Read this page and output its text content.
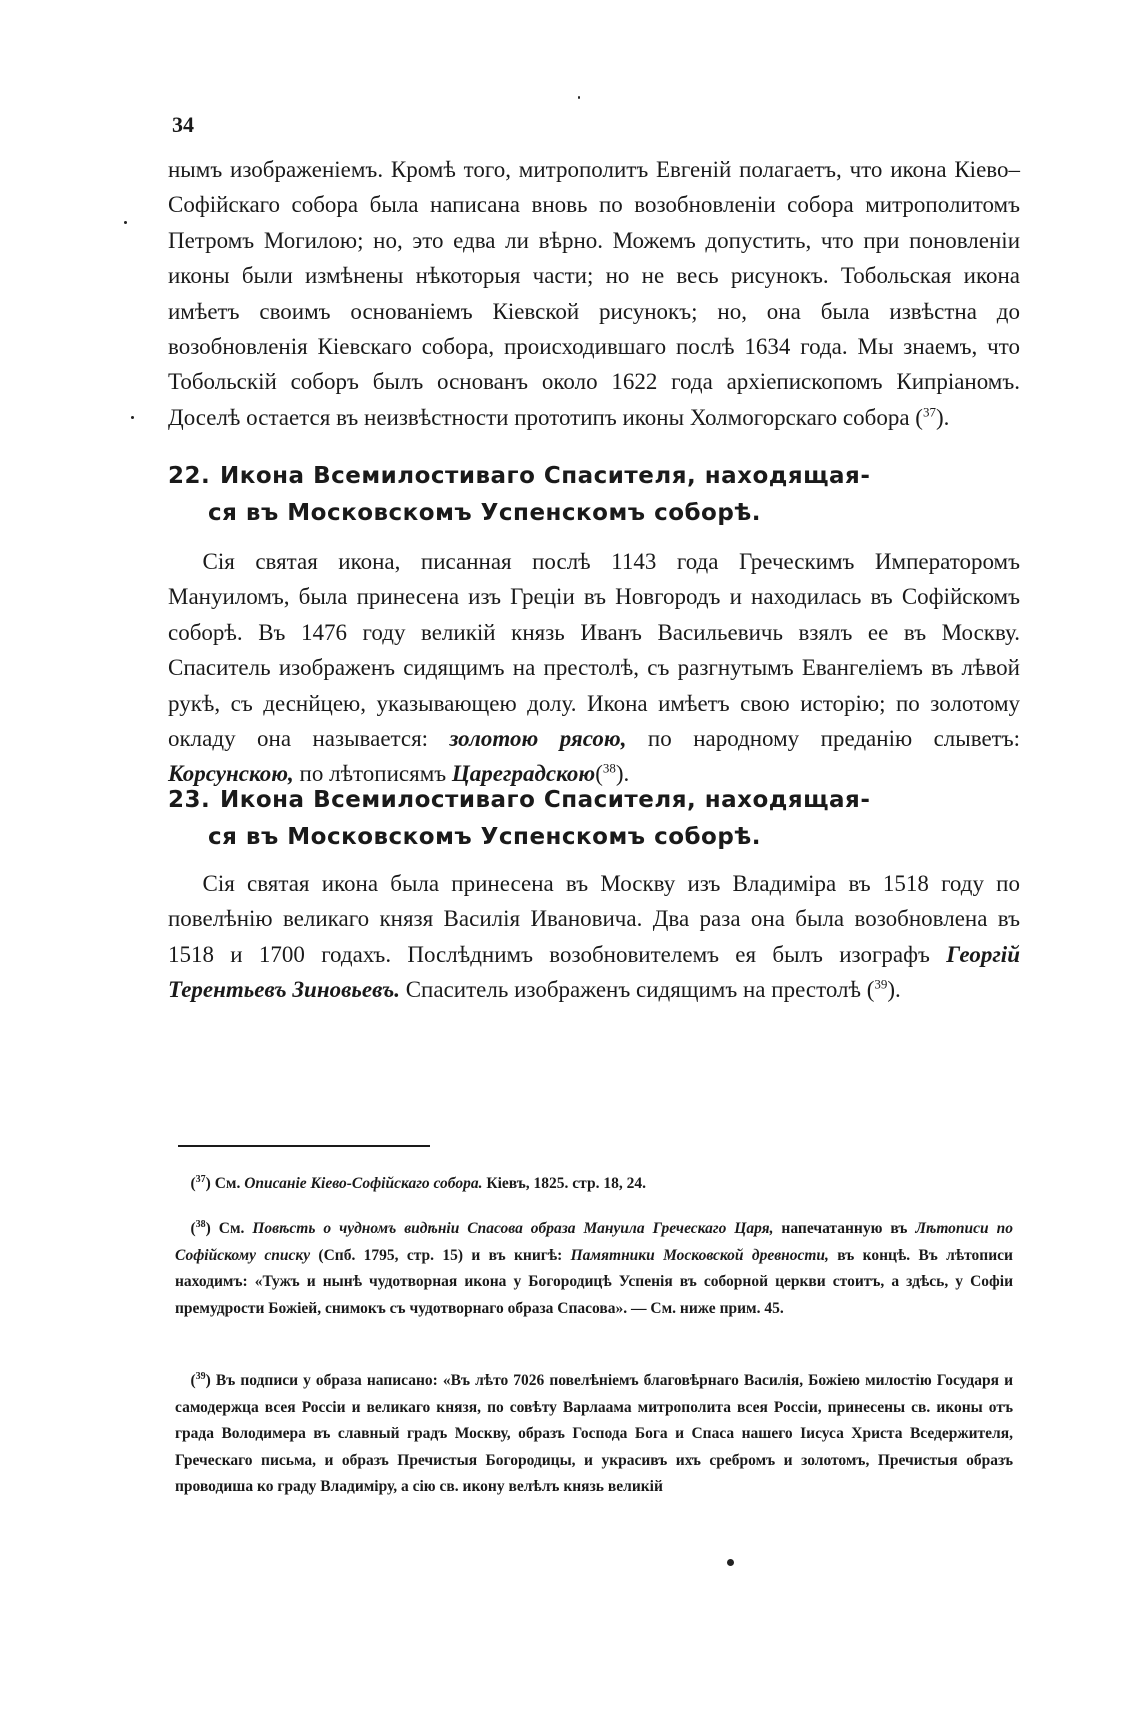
34

нымъ изображеніемъ. Кромѣ того, митрополитъ Евгеній полагаетъ, что икона Кіево–Софійскаго собора была написана вновь по возобновленіи собора митрополитомъ Петромъ Могилою; но, это едва ли вѣрно. Можемъ допустить, что при поновленіи иконы были измѣнены нѣкоторыя части; но не весь рисунокъ. Тобольская икона имѣетъ своимъ основаніемъ Кіевской рисунокъ; но, она была извѣстна до возобновленія Кіевскаго собора, происходившаго послѣ 1634 года. Мы знаемъ, что Тобольскій соборъ былъ основанъ около 1622 года архіепископомъ Кипріаномъ. Доселѣ остается въ неизвѣстности прототипъ иконы Холмогорскаго собора ($^{37}$).

22. Икона Всемилостиваго Спасителя, находящая-
ся въ Московскомъ Успенскомъ соборѣ.

Сія святая икона, писанная послѣ 1143 года Греческимъ Императоромъ Мануиломъ, была принесена изъ Греціи въ Новгородъ и находилась въ Софійскомъ соборѣ. Въ 1476 году великій князь Иванъ Васильевичь взялъ ее въ Москву. Спаситель изображенъ сидящимъ на престолѣ, съ разгнутымъ Евангеліемъ въ лѣвой рукѣ, съ деснйцею, указывающею долу. Икона имѣетъ свою исторію; по золотому окладу она называется: золотою рясою, по народному преданію слыветъ: Корсунскою, по лѣтописямъ Царегpадскою($^{38}$).

23. Икона Всемилостиваго Спасителя, находящая-
ся въ Московскомъ Успенскомъ соборѣ.

Сія святая икона была принесена въ Москву изъ Владиміра въ 1518 году по повелѣнію великаго князя Василія Ивановича. Два раза она была возобновлена въ 1518 и 1700 годахъ. Послѣднимъ возобновителемъ ея былъ изографъ Георгій Терентьевъ Зиновьевъ. Спаситель изображенъ сидящимъ на престолѣ ($^{39}$).

($^{37}$) См. Описаніе Кіево-Софійскаго собора. Кіевъ, 1825. стр. 18, 24.

($^{38}$) См. Повѣсть о чудномъ видѣніи Спасова образа Мануила Греческаго Царя, напечатанную въ Лѣтописи по Софійскому списку (Спб. 1795, стр. 15) и въ книгѣ: Памятники Московской древности, въ концѣ. Въ лѣтописи находимъ: «Тужъ и нынѣ чудотворная икона у Богородицѣ Успенія въ соборной церкви стоитъ, а здѣсь, у Софіи премудрости Божіей, снимокъ съ чудотворнаго образа Спасова». — См. ниже прим. 45.

($^{39}$) Въ подписи у образа написано: «Въ лѣто 7026 повелѣніемъ благовѣрнаго Василія, Божіею милостію Государя и самодержца всея Россіи и великаго князя, по совѣту Варлаама митрополита всея Россіи, принесены св. иконы отъ града Володимера въ славный градъ Москву, образъ Господа Бога и Спаса нашего Іисуса Христа Вседержителя, Греческаго письма, и образъ Пречистыя Богородицы, и украсивъ ихъ сребромъ и золотомъ, Пречистыя образъ проводиша ко граду Владиміру, а сію св. икону велѣлъ князь великій
